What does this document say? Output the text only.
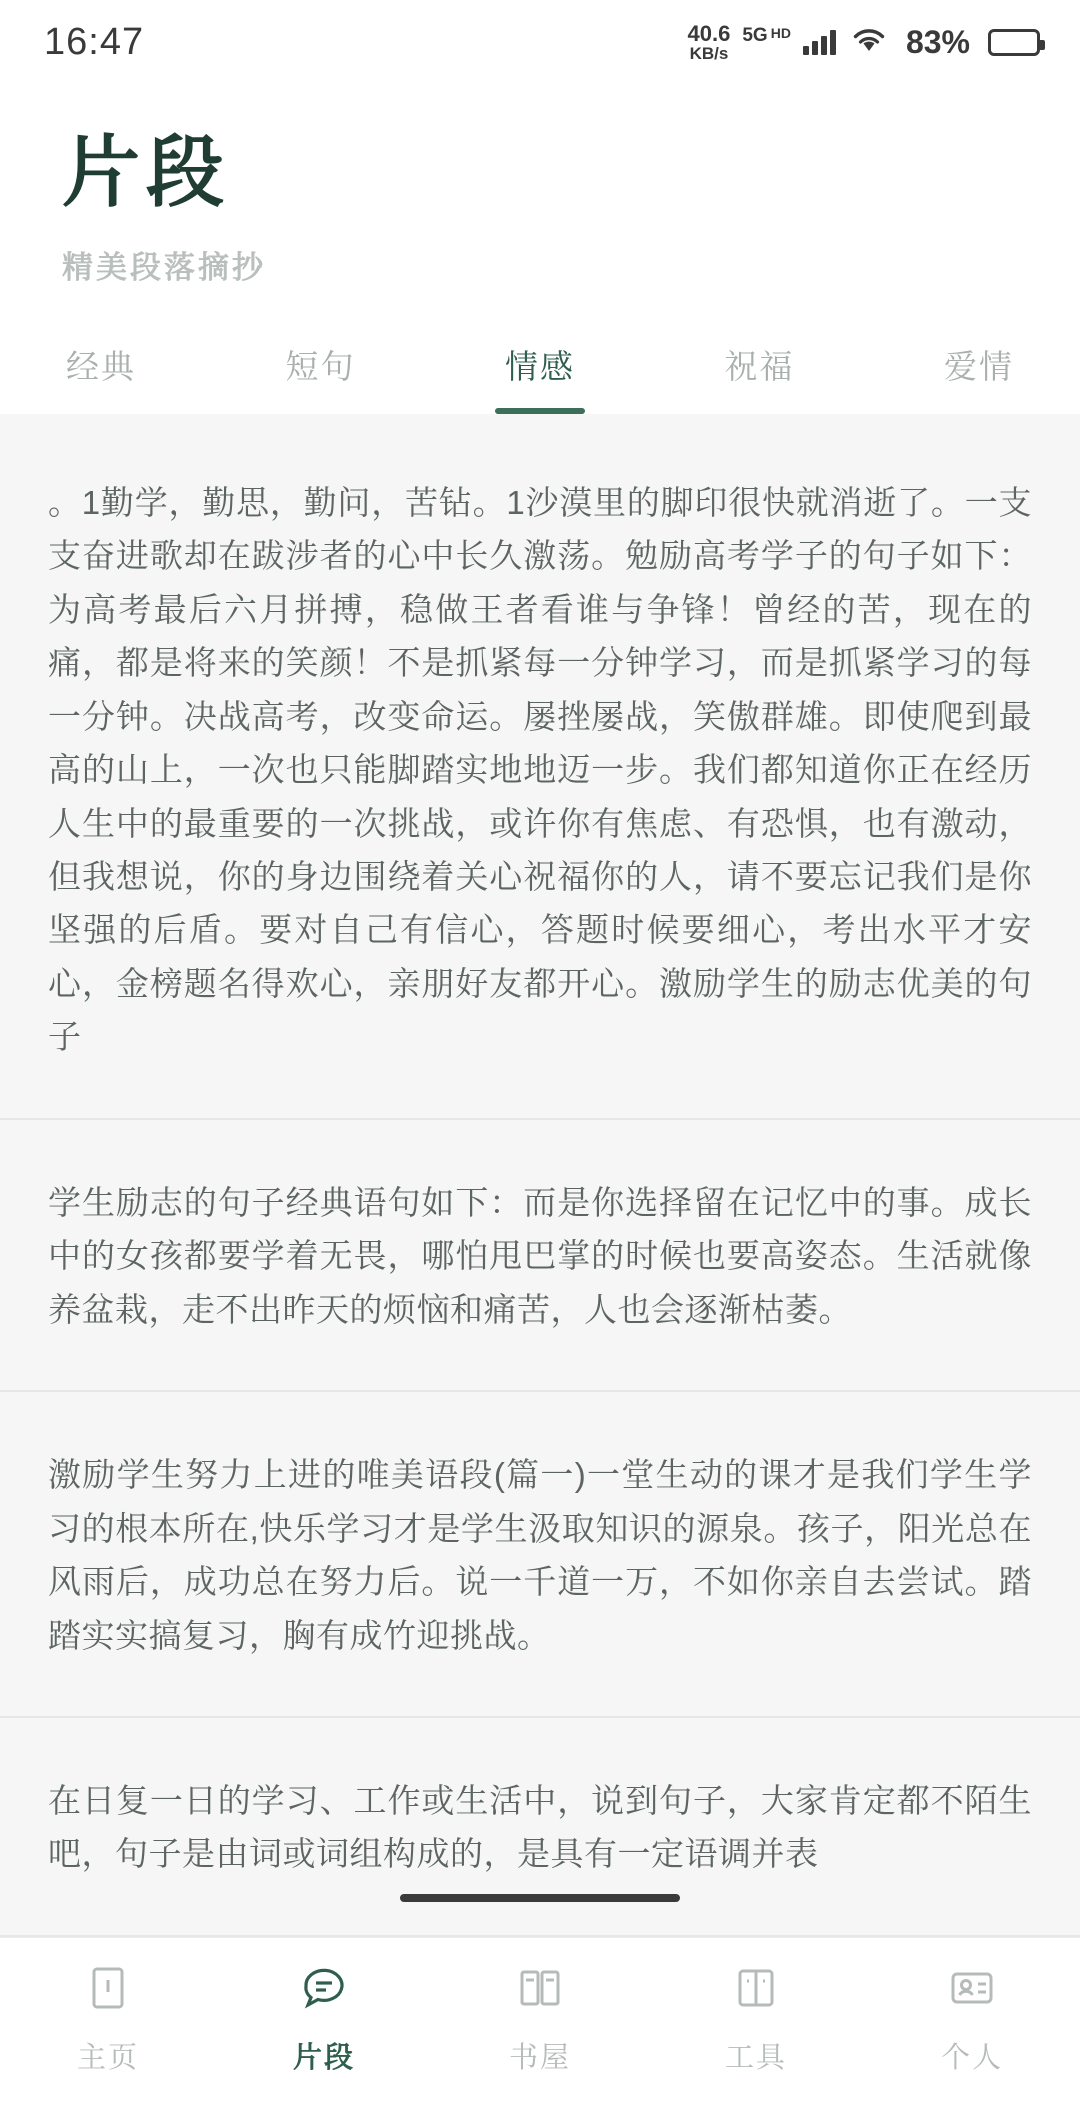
16:47	40.6
KB/s
5G HD	83%
片段
精美段落摘抄
经典	短句	情感	祝福	爱情

。1勤学，勤思，勤问，苦钻。1沙漠里的脚印很快就消逝了。一支支奋进歌却在跋涉者的心中长久激荡。勉励高考学子的句子如下：为高考最后六月拼搏，稳做王者看谁与争锋！曾经的苦，现在的痛，都是将来的笑颜！不是抓紧每一分钟学习，而是抓紧学习的每一分钟。决战高考，改变命运。屡挫屡战，笑傲群雄。即使爬到最高的山上，一次也只能脚踏实地地迈一步。我们都知道你正在经历人生中的最重要的一次挑战，或许你有焦虑、有恐惧，也有激动，但我想说，你的身边围绕着关心祝福你的人，请不要忘记我们是你坚强的后盾。要对自己有信心，答题时候要细心，考出水平才安心，金榜题名得欢心，亲朋好友都开心。激励学生的励志优美的句子

学生励志的句子经典语句如下：而是你选择留在记忆中的事。成长中的女孩都要学着无畏，哪怕甩巴掌的时候也要高姿态。生活就像养盆栽，走不出昨天的烦恼和痛苦，人也会逐渐枯萎。

激励学生努力上进的唯美语段(篇一)一堂生动的课才是我们学生学习的根本所在,快乐学习才是学生汲取知识的源泉。孩子，阳光总在风雨后，成功总在努力后。说一千道一万，不如你亲自去尝试。踏踏实实搞复习，胸有成竹迎挑战。

在日复一日的学习、工作或生活中，说到句子，大家肯定都不陌生吧，句子是由词或词组构成的，是具有一定语调并表

主页	片段	书屋	工具	个人
